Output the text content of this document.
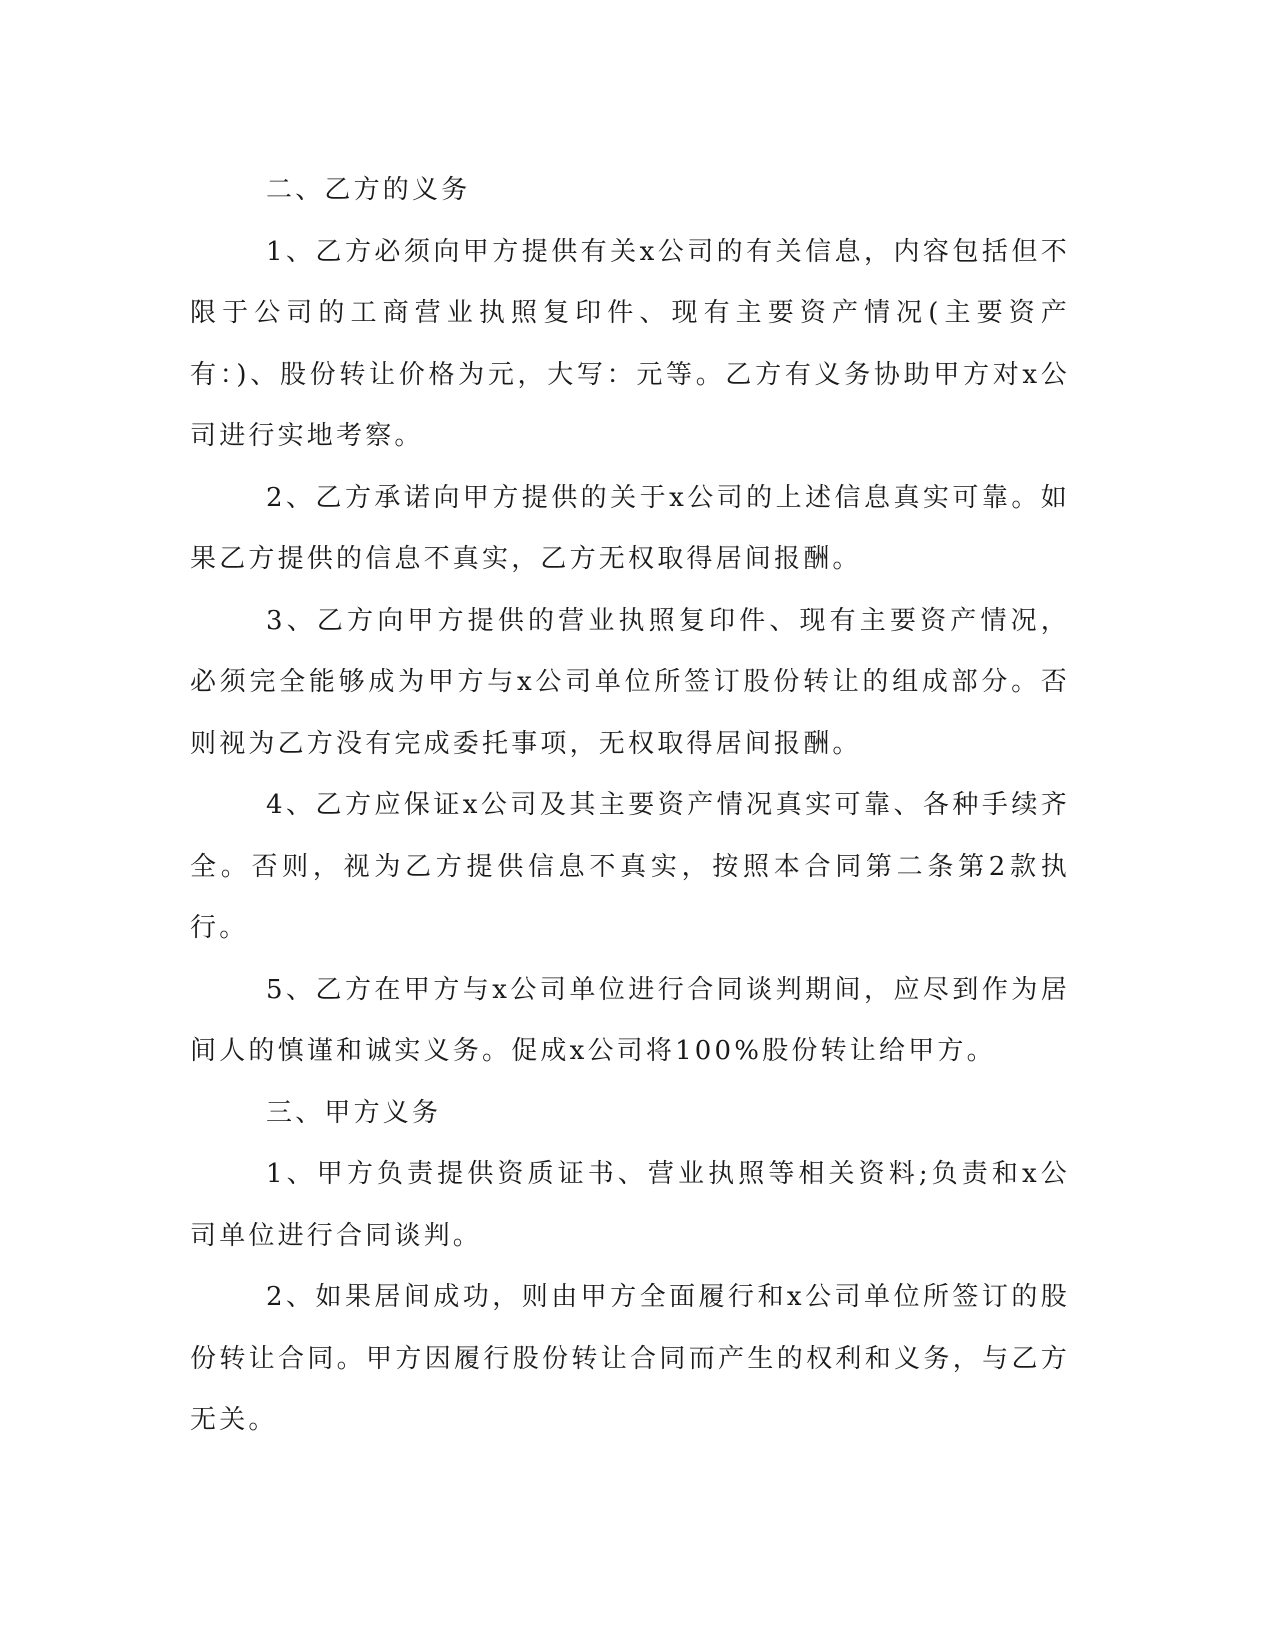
二、乙方的义务

1、乙方必须向甲方提供有关x公司的有关信息，内容包括但不限于公司的工商营业执照复印件、现有主要资产情况(主要资产有：)、股份转让价格为元，大写：元等。乙方有义务协助甲方对x公司进行实地考察。

2、乙方承诺向甲方提供的关于x公司的上述信息真实可靠。如果乙方提供的信息不真实，乙方无权取得居间报酬。

3、乙方向甲方提供的营业执照复印件、现有主要资产情况，必须完全能够成为甲方与x公司单位所签订股份转让的组成部分。否则视为乙方没有完成委托事项，无权取得居间报酬。

4、乙方应保证x公司及其主要资产情况真实可靠、各种手续齐全。否则，视为乙方提供信息不真实，按照本合同第二条第2款执行。

5、乙方在甲方与x公司单位进行合同谈判期间，应尽到作为居间人的慎谨和诚实义务。促成x公司将100%股份转让给甲方。

三、甲方义务

1、甲方负责提供资质证书、营业执照等相关资料;负责和x公司单位进行合同谈判。

2、如果居间成功，则由甲方全面履行和x公司单位所签订的股份转让合同。甲方因履行股份转让合同而产生的权利和义务，与乙方无关。
